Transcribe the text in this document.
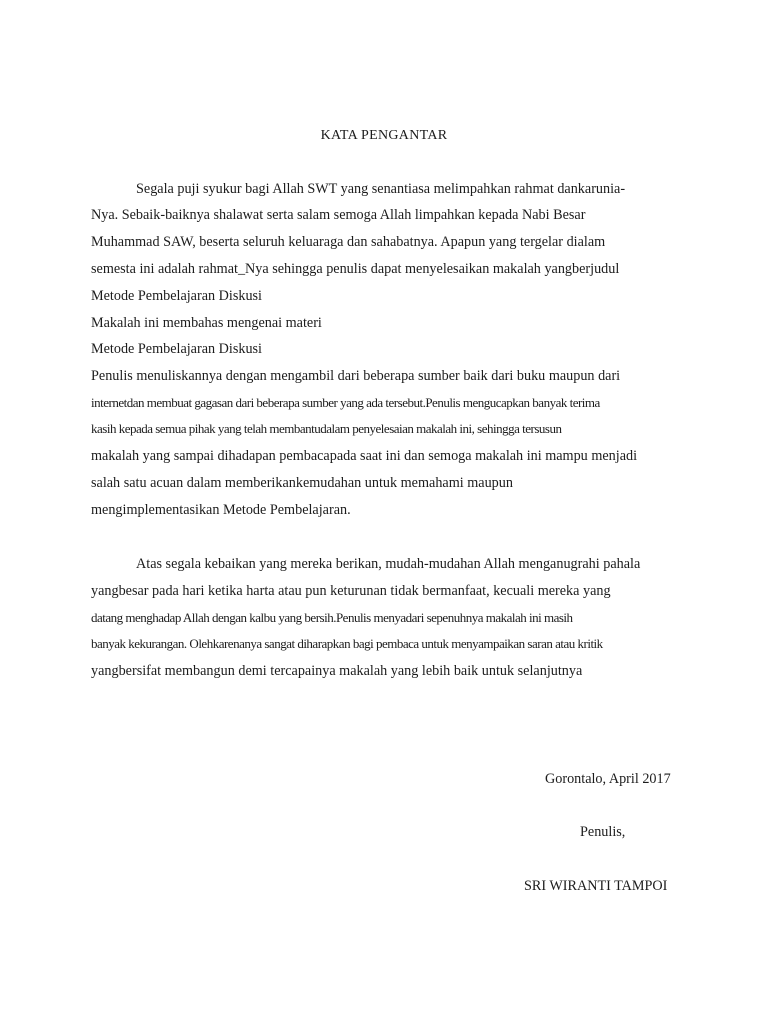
KATA PENGANTAR
Segala puji syukur bagi Allah SWT yang senantiasa melimpahkan rahmat dankarunia-
Nya. Sebaik-baiknya shalawat serta salam semoga Allah limpahkan kepada Nabi Besar
Muhammad SAW, beserta seluruh keluaraga dan sahabatnya. Apapun yang tergelar dialam
semesta ini adalah rahmat_Nya sehingga penulis dapat menyelesaikan makalah yangberjudul
Metode Pembelajaran Diskusi
Makalah ini membahas mengenai materi
Metode Pembelajaran Diskusi
Penulis menuliskannya dengan mengambil dari beberapa sumber baik dari buku maupun dari
internetdan membuat gagasan dari beberapa sumber yang ada tersebut.Penulis mengucapkan banyak terima
kasih kepada semua pihak yang telah membantudalam penyelesaian makalah ini, sehingga tersusun
makalah yang sampai dihadapan pembacapada saat ini dan semoga makalah ini mampu menjadi
salah satu acuan dalam memberikankemudahan untuk memahami maupun
mengimplementasikan Metode Pembelajaran.
Atas segala kebaikan yang mereka berikan, mudah-mudahan Allah menganugrahi pahala
yangbesar pada hari ketika harta atau pun keturunan tidak bermanfaat, kecuali mereka yang
datang menghadap Allah dengan kalbu yang bersih.Penulis menyadari sepenuhnya makalah ini masih
banyak kekurangan. Olehkarenanya sangat diharapkan bagi pembaca untuk menyampaikan saran atau kritik
yangbersifat membangun demi tercapainya makalah yang lebih baik untuk selanjutnya
Gorontalo, April 2017
Penulis,
SRI WIRANTI TAMPOI
